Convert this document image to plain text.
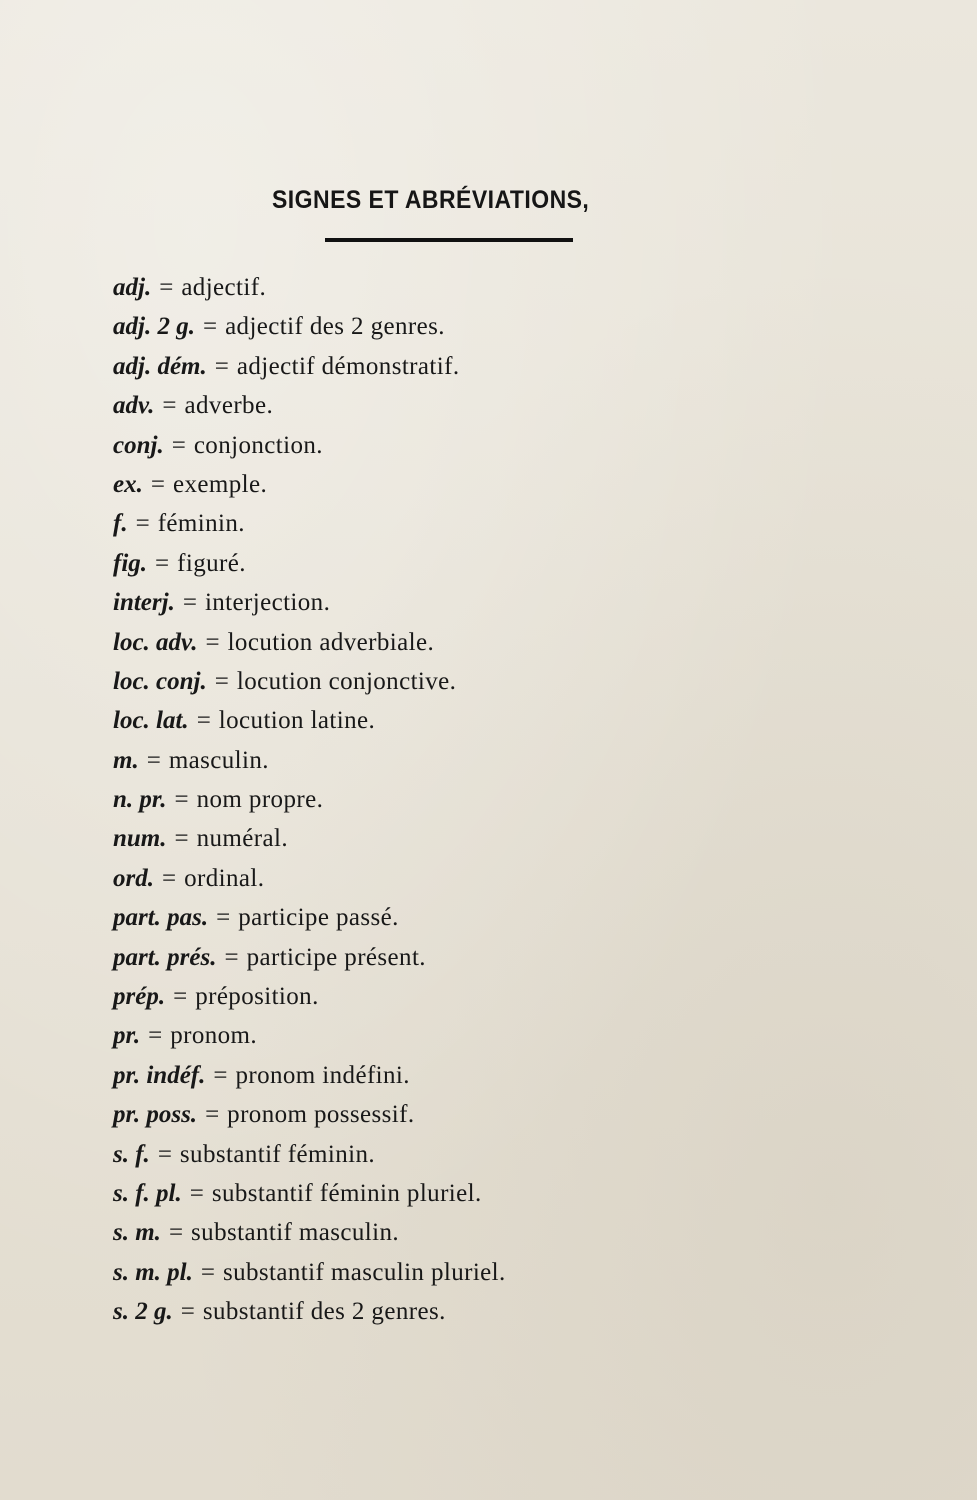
SIGNES ET ABRÉVIATIONS,
adj. = adjectif.
adj. 2 g. = adjectif des 2 genres.
adj. dém. = adjectif démonstratif.
adv. = adverbe.
conj. = conjonction.
ex. = exemple.
f. = féminin.
fig. = figuré.
interj. = interjection.
loc. adv. = locution adverbiale.
loc. conj. = locution conjonctive.
loc. lat. = locution latine.
m. = masculin.
n. pr. = nom propre.
num. = numéral.
ord. = ordinal.
part. pas. = participe passé.
part. prés. = participe présent.
prép. = préposition.
pr. = pronom.
pr. indéf. = pronom indéfini.
pr. poss. = pronom possessif.
s. f. = substantif féminin.
s. f. pl. = substantif féminin pluriel.
s. m. = substantif masculin.
s. m. pl. = substantif masculin pluriel.
s. 2 g. = substantif des 2 genres.
